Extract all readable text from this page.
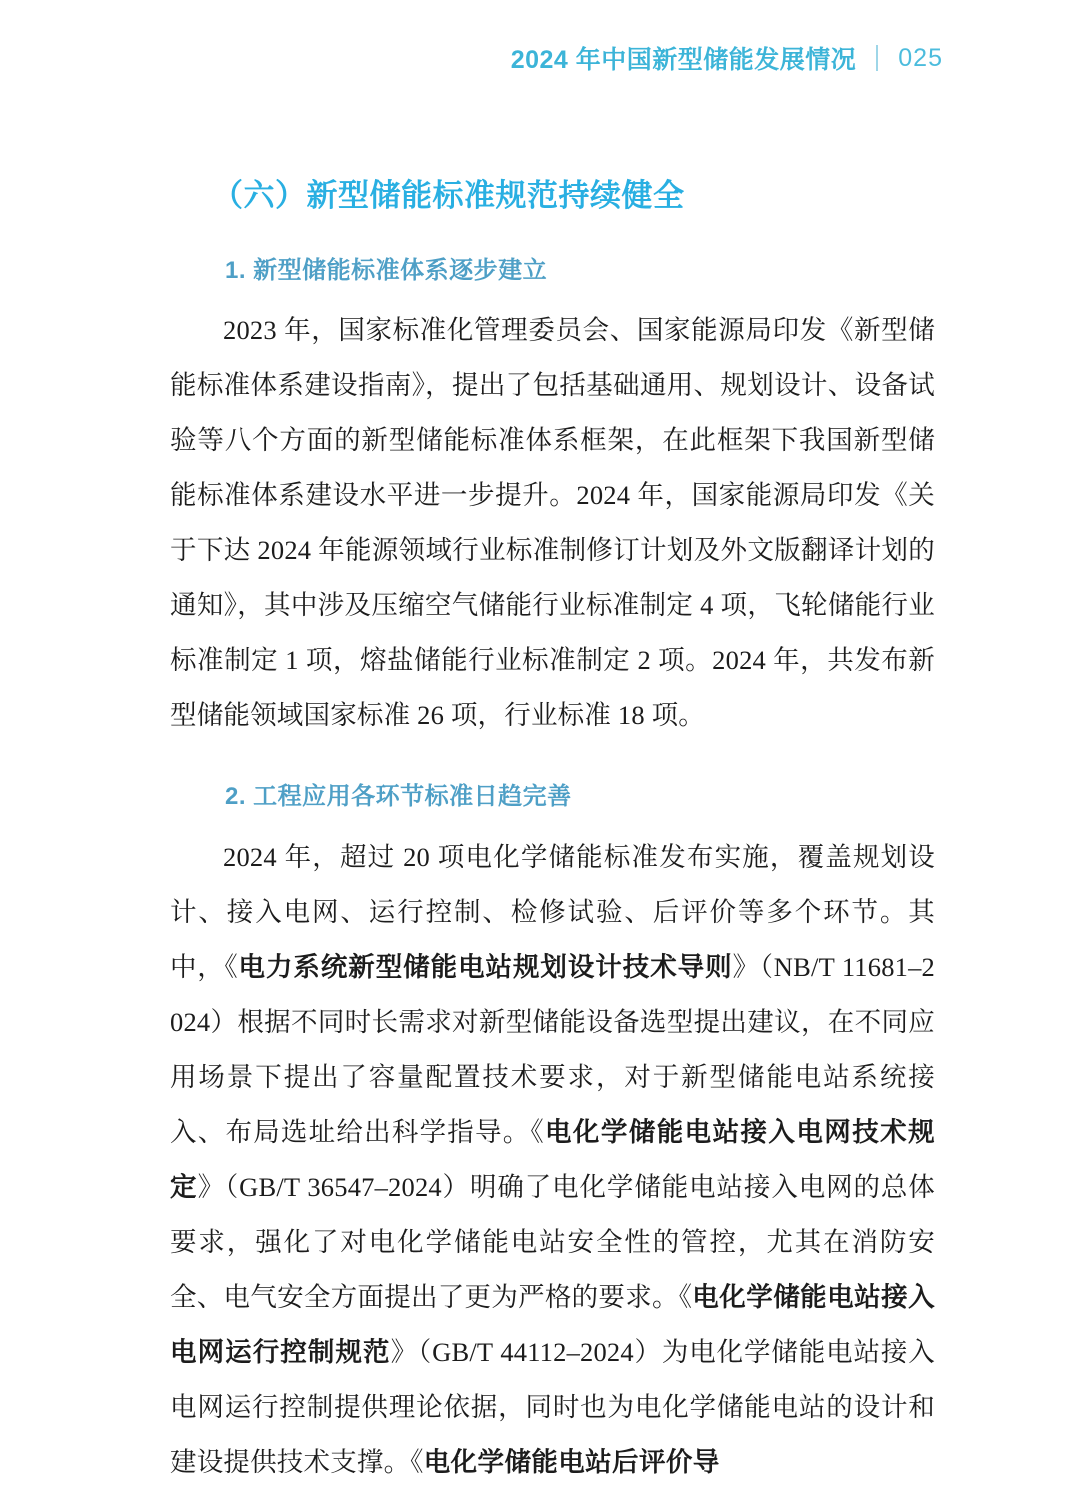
2024 年中国新型储能发展情况 025
（六）新型储能标准规范持续健全
1. 新型储能标准体系逐步建立

2023 年，国家标准化管理委员会、国家能源局印发《新型储能标准体系建设指南》，提出了包括基础通用、规划设计、设备试验等八个方面的新型储能标准体系框架，在此框架下我国新型储能标准体系建设水平进一步提升。2024 年，国家能源局印发《关于下达 2024 年能源领域行业标准制修订计划及外文版翻译计划的通知》，其中涉及压缩空气储能行业标准制定 4 项，飞轮储能行业标准制定 1 项，熔盐储能行业标准制定 2 项。2024 年，共发布新型储能领域国家标准 26 项，行业标准 18 项。

2. 工程应用各环节标准日趋完善

2024 年，超过 20 项电化学储能标准发布实施，覆盖规划设计、接入电网、运行控制、检修试验、后评价等多个环节。其中，《电力系统新型储能电站规划设计技术导则》（NB/T 11681–2024）根据不同时长需求对新型储能设备选型提出建议，在不同应用场景下提出了容量配置技术要求，对于新型储能电站系统接入、布局选址给出科学指导。《电化学储能电站接入电网技术规定》（GB/T 36547–2024）明确了电化学储能电站接入电网的总体要求，强化了对电化学储能电站安全性的管控，尤其在消防安全、电气安全方面提出了更为严格的要求。《电化学储能电站接入电网运行控制规范》（GB/T 44112–2024）为电化学储能电站接入电网运行控制提供理论依据，同时也为电化学储能电站的设计和建设提供技术支撑。《电化学储能电站后评价导
